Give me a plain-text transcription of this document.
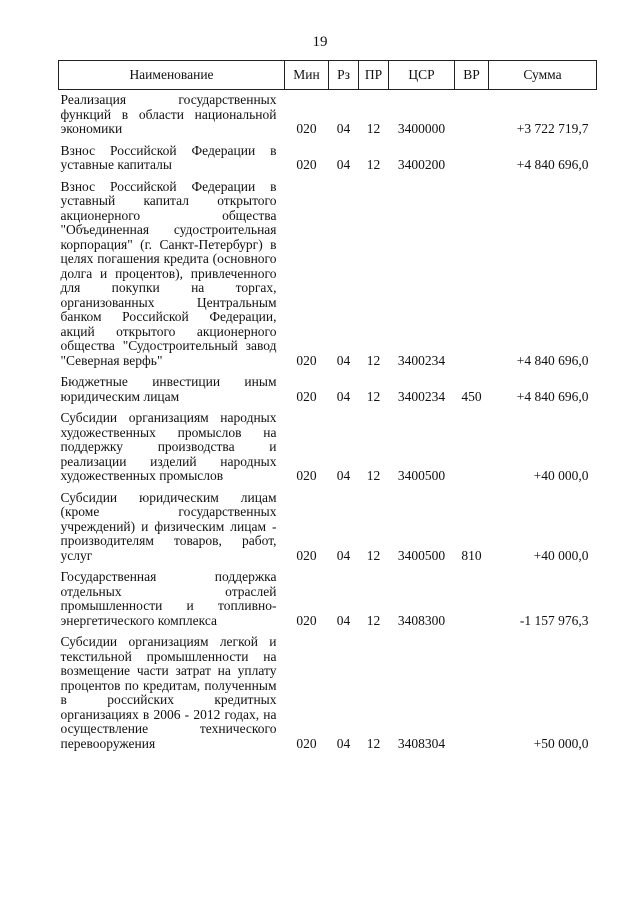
19
Наименование	Мин	Рз	ПР	ЦСР	ВР	Сумма
Реализация государственных функций в области национальной экономики	020	04	12	3400000		+3 722 719,7
Взнос Российской Федерации в уставные капиталы	020	04	12	3400200		+4 840 696,0
Взнос Российской Федерации в уставный капитал открытого акционерного общества "Объединенная судостроительная корпорация" (г. Санкт-Петербург) в целях погашения кредита (основного долга и процентов), привлеченного для покупки на торгах, организованных Центральным банком Российской Федерации, акций открытого акционерного общества "Судостроительный завод "Северная верфь"	020	04	12	3400234		+4 840 696,0
Бюджетные инвестиции иным юридическим лицам	020	04	12	3400234	450	+4 840 696,0
Субсидии организациям народных художественных промыслов на поддержку производства и реализации изделий народных художественных промыслов	020	04	12	3400500		+40 000,0
Субсидии юридическим лицам (кроме государственных учреждений) и физическим лицам - производителям товаров, работ, услуг	020	04	12	3400500	810	+40 000,0
Государственная поддержка отдельных отраслей промышленности и топливно-энергетического комплекса	020	04	12	3408300		-1 157 976,3
Субсидии организациям легкой и текстильной промышленности на возмещение части затрат на уплату процентов по кредитам, полученным в российских кредитных организациях в 2006 - 2012 годах, на осуществление технического перевооружения	020	04	12	3408304		+50 000,0
